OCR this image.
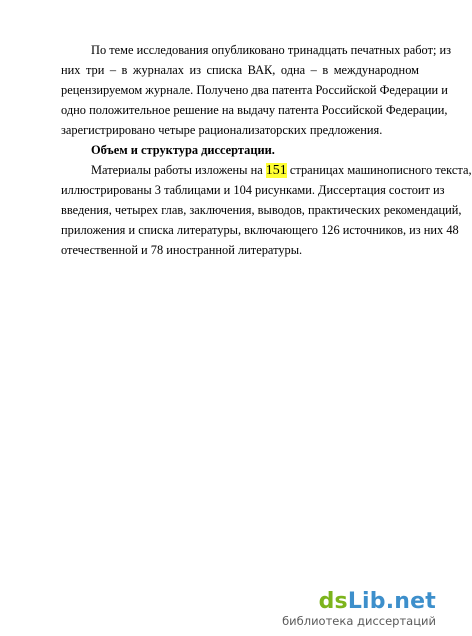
По теме исследования опубликовано тринадцать печатных работ; из
них три – в журналах из списка ВАК, одна – в международном
рецензируемом журнале. Получено два патента Российской Федерации и
одно положительное решение на выдачу патента Российской Федерации,
зарегистрировано четыре рационализаторских предложения.
Объем и структура диссертации.
Материалы работы изложены на 151 страницах машинописного текста,
иллюстрированы 3 таблицами и 104 рисунками. Диссертация состоит из
введения, четырех глав, заключения, выводов, практических рекомендаций,
приложения и списка литературы, включающего 126 источников, из них 48
отечественной и 78 иностранной литературы.
dsLib.net
библиотека диссертаций
